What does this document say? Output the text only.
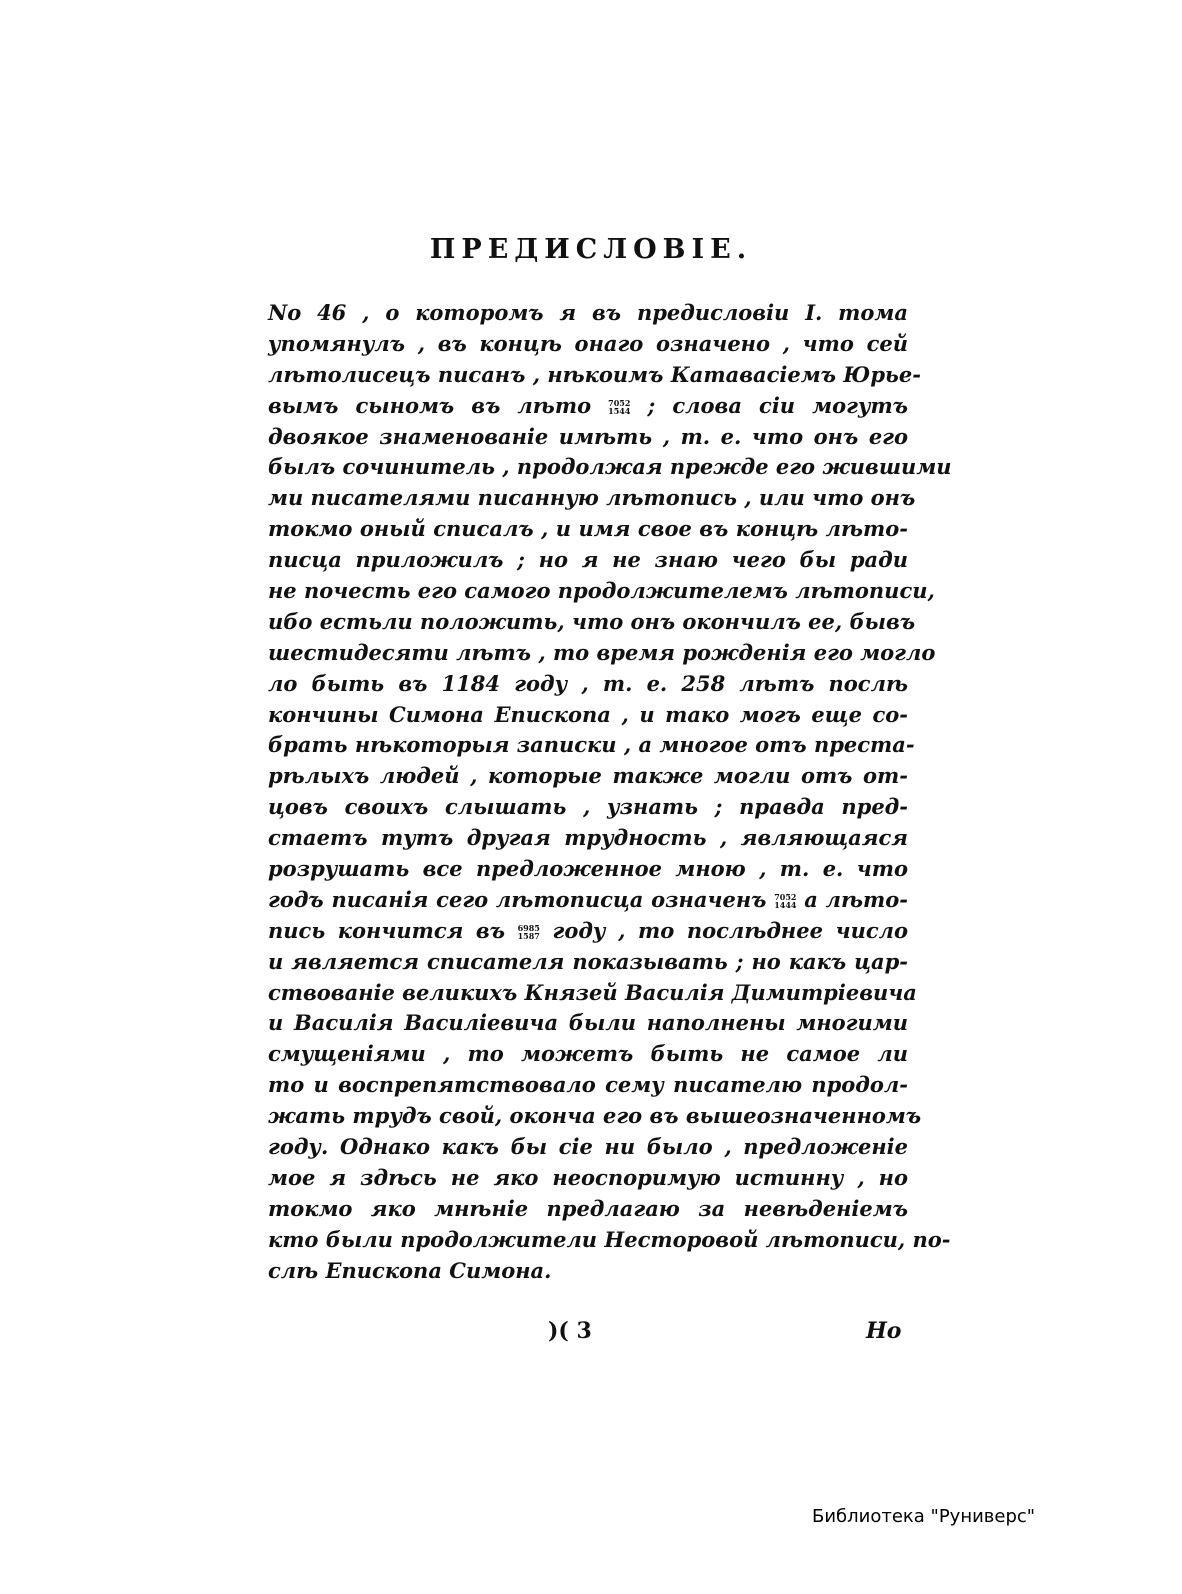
ПРЕДИСЛОВІЕ.
No 46 , о которомъ я въ предисловіи I. тома
упомянулъ , въ концѣ онаго означено , что сей
лѣтолисецъ писанъ , нѣкоимъ Катавасіемъ Юрье-
вымъ сыномъ въ лѣто 7052
1544 ; слова сіи могутъ
двоякое знаменованіе имѣть , т. е. что онъ его
былъ сочинитель , продолжая прежде его жившими
ми писателями писанную лѣтопись , или что онъ
токмо оный списалъ , и имя свое въ концѣ лѣто-
писца приложилъ ; но я не знаю чего бы ради
не почесть его самого продолжителемъ лѣтописи,
ибо естьли положить, что онъ окончилъ ее, бывъ
шестидесяти лѣтъ , то время рожденія его могло
ло быть въ 1184 году , т. е. 258 лѣтъ послѣ
кончины Симона Епископа , и тако могъ еще со-
брать нѣкоторыя записки , а многое отъ преста-
рѣлыхъ людей , которые также могли отъ от-
цовъ своихъ слышать , узнать ; правда пред-
стаетъ тутъ другая трудность , являющаяся
розрушать все предложенное мною , т. е. что
годъ писанія сего лѣтописца означенъ 7052
1444 а лѣто-
пись кончится въ 6985
1587 году , то послѣднее число
и является списателя показывать ; но какъ цар-
ствованіе великихъ Князей Василія Димитріевича
и Василія Василіевича были наполнены многими
смущеніями , то можетъ быть не самое ли
то и воспрепятствовало сему писателю продол-
жать трудъ свой, оконча его въ вышеозначенномъ
году. Однако какъ бы сіе ни было , предложеніе
мое я здѣсь не яко неоспоримую истинну , но
токмо яко мнѣніе предлагаю за невѣденіемъ
кто были продолжители Несторовой лѣтописи, по-
слѣ Епископа Симона.
)( 3	Но
Библиотека "Руниверс"
